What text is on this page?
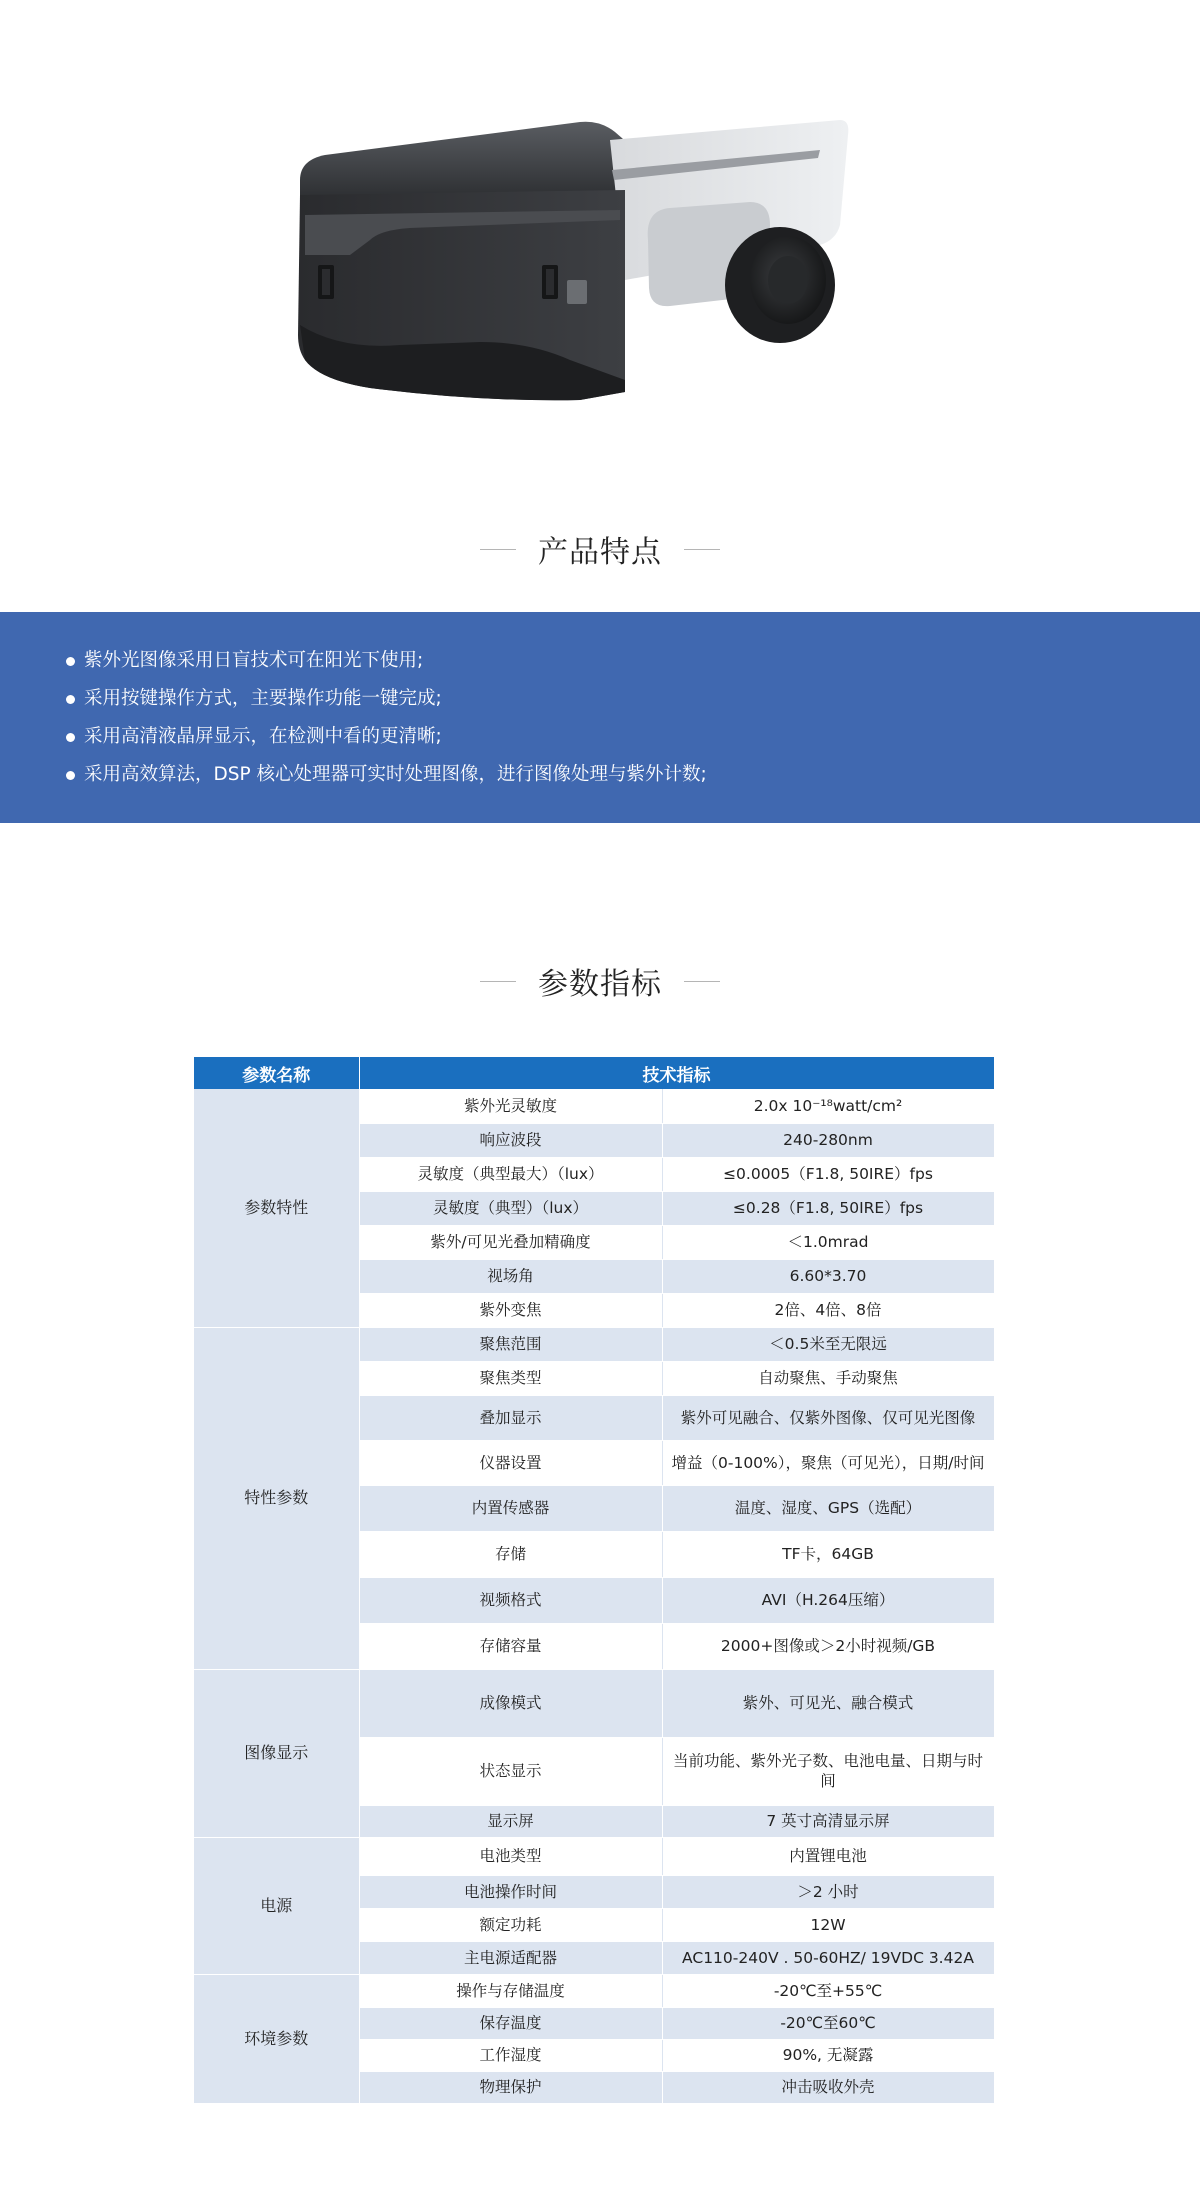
产品特点
紫外光图像采用日盲技术可在阳光下使用;
采用按键操作方式，主要操作功能一键完成;
采用高清液晶屏显示，在检测中看的更清晰;
采用高效算法，DSP 核心处理器可实时处理图像，进行图像处理与紫外计数;
参数指标
参数名称	技术指标	
参数特性	紫外光灵敏度	2.0x 10⁻¹⁸watt/cm²
	响应波段	240-280nm
	灵敏度（典型最大）（lux）	≤0.0005（F1.8, 50IRE）fps
	灵敏度（典型）（lux）	≤0.28（F1.8, 50IRE）fps
	紫外/可见光叠加精确度	＜1.0mrad
	视场角	6.60*3.70
	紫外变焦	2倍、4倍、8倍
特性参数	聚焦范围	＜0.5米至无限远
	聚焦类型	自动聚焦、手动聚焦
	叠加显示	紫外可见融合、仅紫外图像、仅可见光图像
	仪器设置	增益（0-100%），聚焦（可见光），日期/时间
	内置传感器	温度、湿度、GPS（选配）
	存储	TF卡，64GB
	视频格式	AVI（H.264压缩）
	存储容量	2000+图像或＞2小时视频/GB
图像显示	成像模式	紫外、可见光、融合模式
	状态显示	当前功能、紫外光子数、电池电量、日期与时间
	显示屏	7 英寸高清显示屏
电源	电池类型	内置锂电池
	电池操作时间	＞2 小时
	额定功耗	12W
	主电源适配器	AC110-240V . 50-60HZ/ 19VDC 3.42A
环境参数	操作与存储温度	-20℃至+55℃
	保存温度	-20℃至60℃
	工作湿度	90%, 无凝露
	物理保护	冲击吸收外壳
